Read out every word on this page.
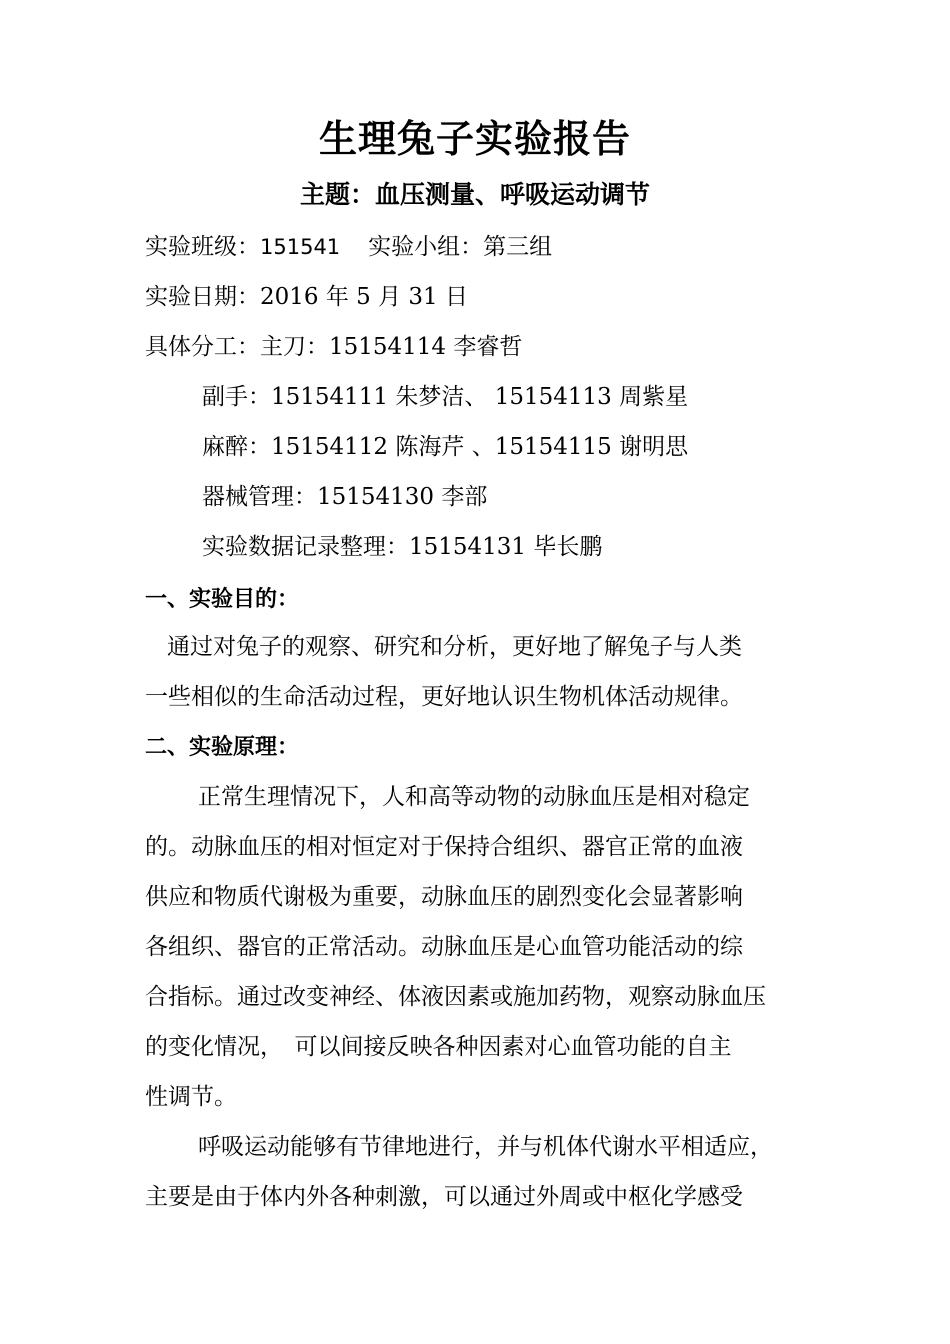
生理兔子实验报告
主题：血压测量、呼吸运动调节
实验班级：151541 实验小组：第三组
实验日期：2016 年 5 月 31 日
具体分工：主刀：15154114 李睿哲
副手：15154111 朱梦洁、 15154113 周紫星
麻醉：15154112 陈海芹 、15154115 谢明思
器械管理：15154130 李部
实验数据记录整理：15154131 毕长鹏
一、实验目的：
通过对兔子的观察、研究和分析，更好地了解兔子与人类
一些相似的生命活动过程，更好地认识生物机体活动规律。
二、实验原理：
正常生理情况下，人和高等动物的动脉血压是相对稳定
的。动脉血压的相对恒定对于保持合组织、器官正常的血液
供应和物质代谢极为重要，动脉血压的剧烈变化会显著影响
各组织、器官的正常活动。动脉血压是心血管功能活动的综
合指标。通过改变神经、体液因素或施加药物，观察动脉血压
的变化情况，　可以间接反映各种因素对心血管功能的自主
性调节。
呼吸运动能够有节律地进行，并与机体代谢水平相适应，
主要是由于体内外各种刺激，可以通过外周或中枢化学感受
